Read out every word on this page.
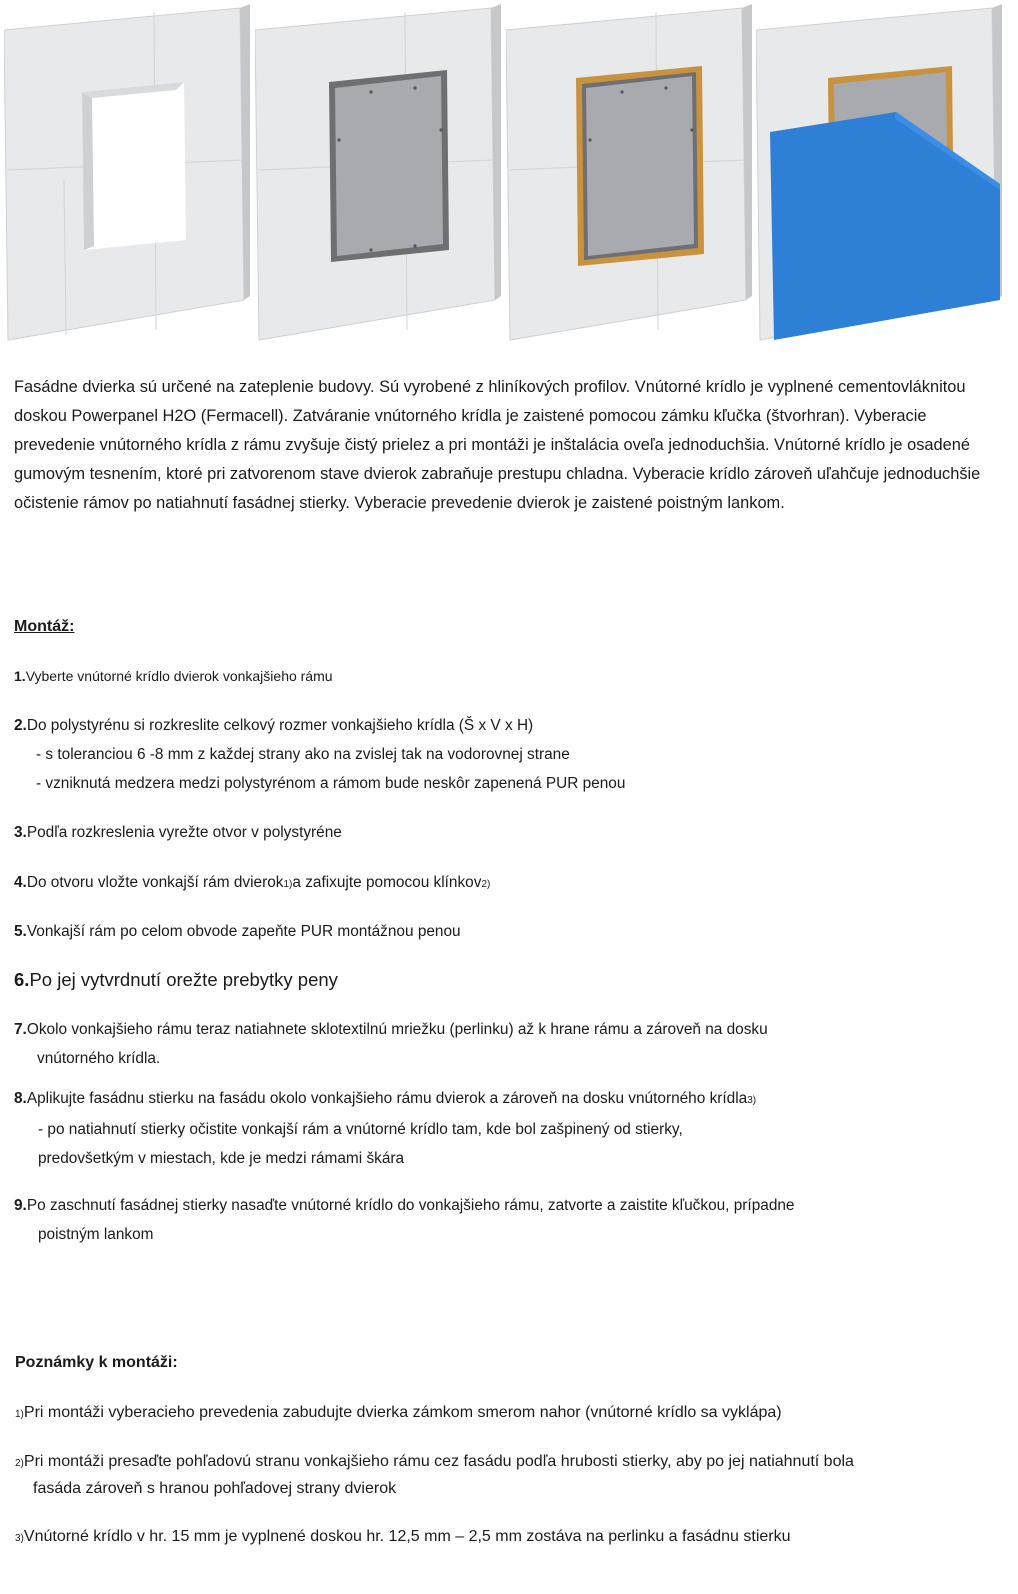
Fasádne dvierka sú určené na zateplenie budovy. Sú vyrobené z hliníkových profilov. Vnútorné krídlo je vyplnené cementovláknitou doskou Powerpanel H2O (Fermacell). Zatváranie vnútorného krídla je zaistené pomocou zámku kľučka (štvorhran). Vyberacie prevedenie vnútorného krídla z rámu zvyšuje čistý prielez a pri montáži je inštalácia oveľa jednoduchšia. Vnútorné krídlo je osadené gumovým tesnením, ktoré pri zatvorenom stave dvierok zabraňuje prestupu chladna. Vyberacie krídlo zároveň uľahčuje jednoduchšie očistenie rámov po natiahnutí fasádnej stierky. Vyberacie prevedenie dvierok je zaistené poistným lankom.

Montáž:

1.Vyberte vnútorné krídlo dvierok vonkajšieho rámu

2.Do polystyrénu si rozkreslite celkový rozmer vonkajšieho krídla (Š x V x H)
- s toleranciou 6 -8 mm z každej strany ako na zvislej tak na vodorovnej strane
- vzniknutá medzera medzi polystyrénom a rámom bude neskôr zapenená PUR penou

3.Podľa rozkreslenia vyrežte otvor v polystyréne

4.Do otvoru vložte vonkajší rám dvierok1)a zafixujte pomocou klínkov2)

5.Vonkajší rám po celom obvode zapeňte PUR montážnou penou

6.Po jej vytvrdnutí orežte prebytky peny

7.Okolo vonkajšieho rámu teraz natiahnete sklotextilnú mriežku (perlinku) až k hrane rámu a zároveň na dosku
vnútorného krídla.

8.Aplikujte fasádnu stierku na fasádu okolo vonkajšieho rámu dvierok a zároveň na dosku vnútorného krídla3)
- po natiahnutí stierky očistite vonkajší rám a vnútorné krídlo tam, kde bol zašpinený od stierky,
predovšetkým v miestach, kde je medzi rámami škára

9.Po zaschnutí fasádnej stierky nasaďte vnútorné krídlo do vonkajšieho rámu, zatvorte a zaistite kľučkou, prípadne
poistným lankom

Poznámky k montáži:

1)Pri montáži vyberacieho prevedenia zabudujte dvierka zámkom smerom nahor (vnútorné krídlo sa vyklápa)

2)Pri montáži presaďte pohľadovú stranu vonkajšieho rámu cez fasádu podľa hrubosti stierky, aby po jej natiahnutí bola
fasáda zároveň s hranou pohľadovej strany dvierok

3)Vnútorné krídlo v hr. 15 mm je vyplnené doskou hr. 12,5 mm – 2,5 mm zostáva na perlinku a fasádnu stierku
